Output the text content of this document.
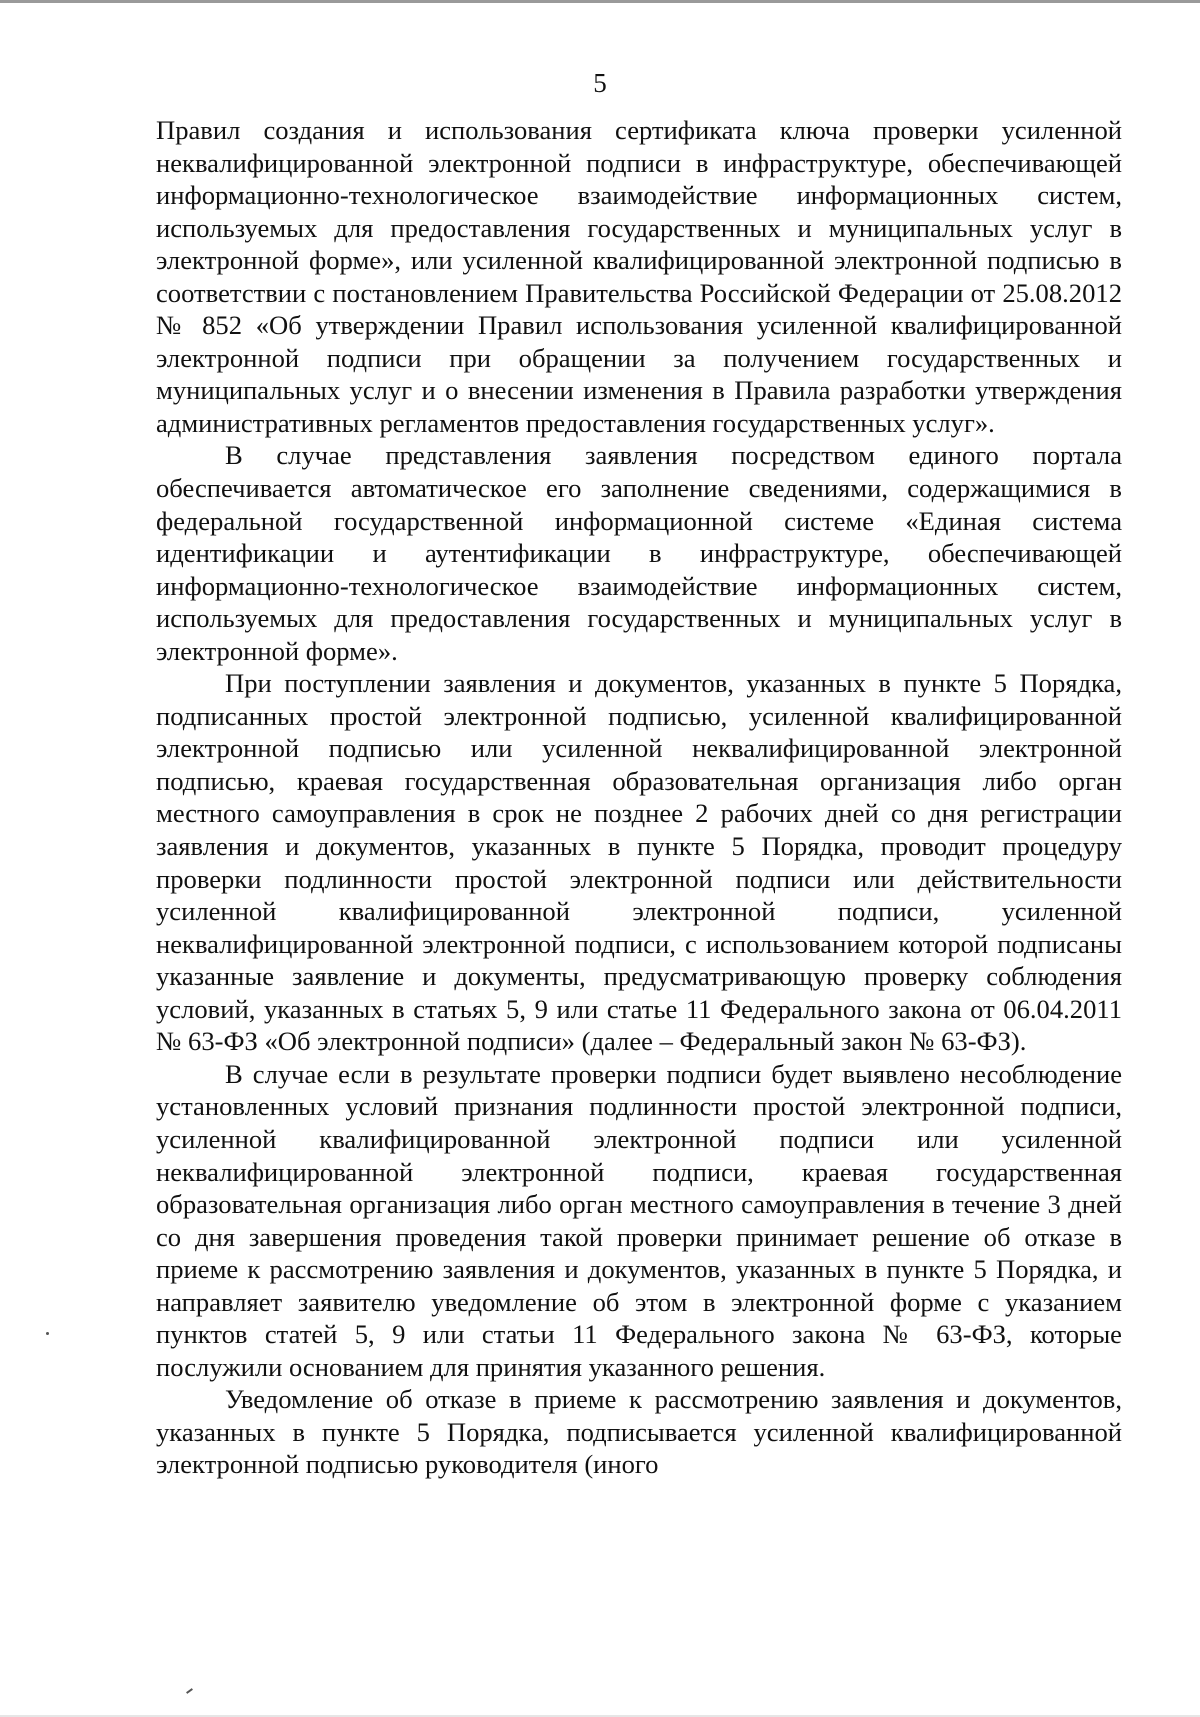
5

Правил создания и использования сертификата ключа проверки усиленной неквалифицированной электронной подписи в инфраструктуре, обеспечивающей информационно-технологическое взаимодействие информационных систем, используемых для предоставления государственных и муниципальных услуг в электронной форме», или усиленной квалифицированной электронной подписью в соответствии с постановлением Правительства Российской Федерации от 25.08.2012 № 852 «Об утверждении Правил использования усиленной квалифицированной электронной подписи при обращении за получением государственных и муниципальных услуг и о внесении изменения в Правила разработки утверждения административных регламентов предоставления государственных услуг».

В случае представления заявления посредством единого портала обеспечивается автоматическое его заполнение сведениями, содержащимися в федеральной государственной информационной системе «Единая система идентификации и аутентификации в инфраструктуре, обеспечивающей информационно-технологическое взаимодействие информационных систем, используемых для предоставления государственных и муниципальных услуг в электронной форме».

При поступлении заявления и документов, указанных в пункте 5 Порядка, подписанных простой электронной подписью, усиленной квалифицированной электронной подписью или усиленной неквалифицированной электронной подписью, краевая государственная образовательная организация либо орган местного самоуправления в срок не позднее 2 рабочих дней со дня регистрации заявления и документов, указанных в пункте 5 Порядка, проводит процедуру проверки подлинности простой электронной подписи или действительности усиленной квалифицированной электронной подписи, усиленной неквалифицированной электронной подписи, с использованием которой подписаны указанные заявление и документы, предусматривающую проверку соблюдения условий, указанных в статьях 5, 9 или статье 11 Федерального закона от 06.04.2011 № 63-ФЗ «Об электронной подписи» (далее – Федеральный закон № 63-ФЗ).

В случае если в результате проверки подписи будет выявлено несоблюдение установленных условий признания подлинности простой электронной подписи, усиленной квалифицированной электронной подписи или усиленной неквалифицированной электронной подписи, краевая государственная образовательная организация либо орган местного самоуправления в течение 3 дней со дня завершения проведения такой проверки принимает решение об отказе в приеме к рассмотрению заявления и документов, указанных в пункте 5 Порядка, и направляет заявителю уведомление об этом в электронной форме с указанием пунктов статей 5, 9 или статьи 11 Федерального закона № 63-ФЗ, которые послужили основанием для принятия указанного решения.

Уведомление об отказе в приеме к рассмотрению заявления и документов, указанных в пункте 5 Порядка, подписывается усиленной квалифицированной электронной подписью руководителя (иного
